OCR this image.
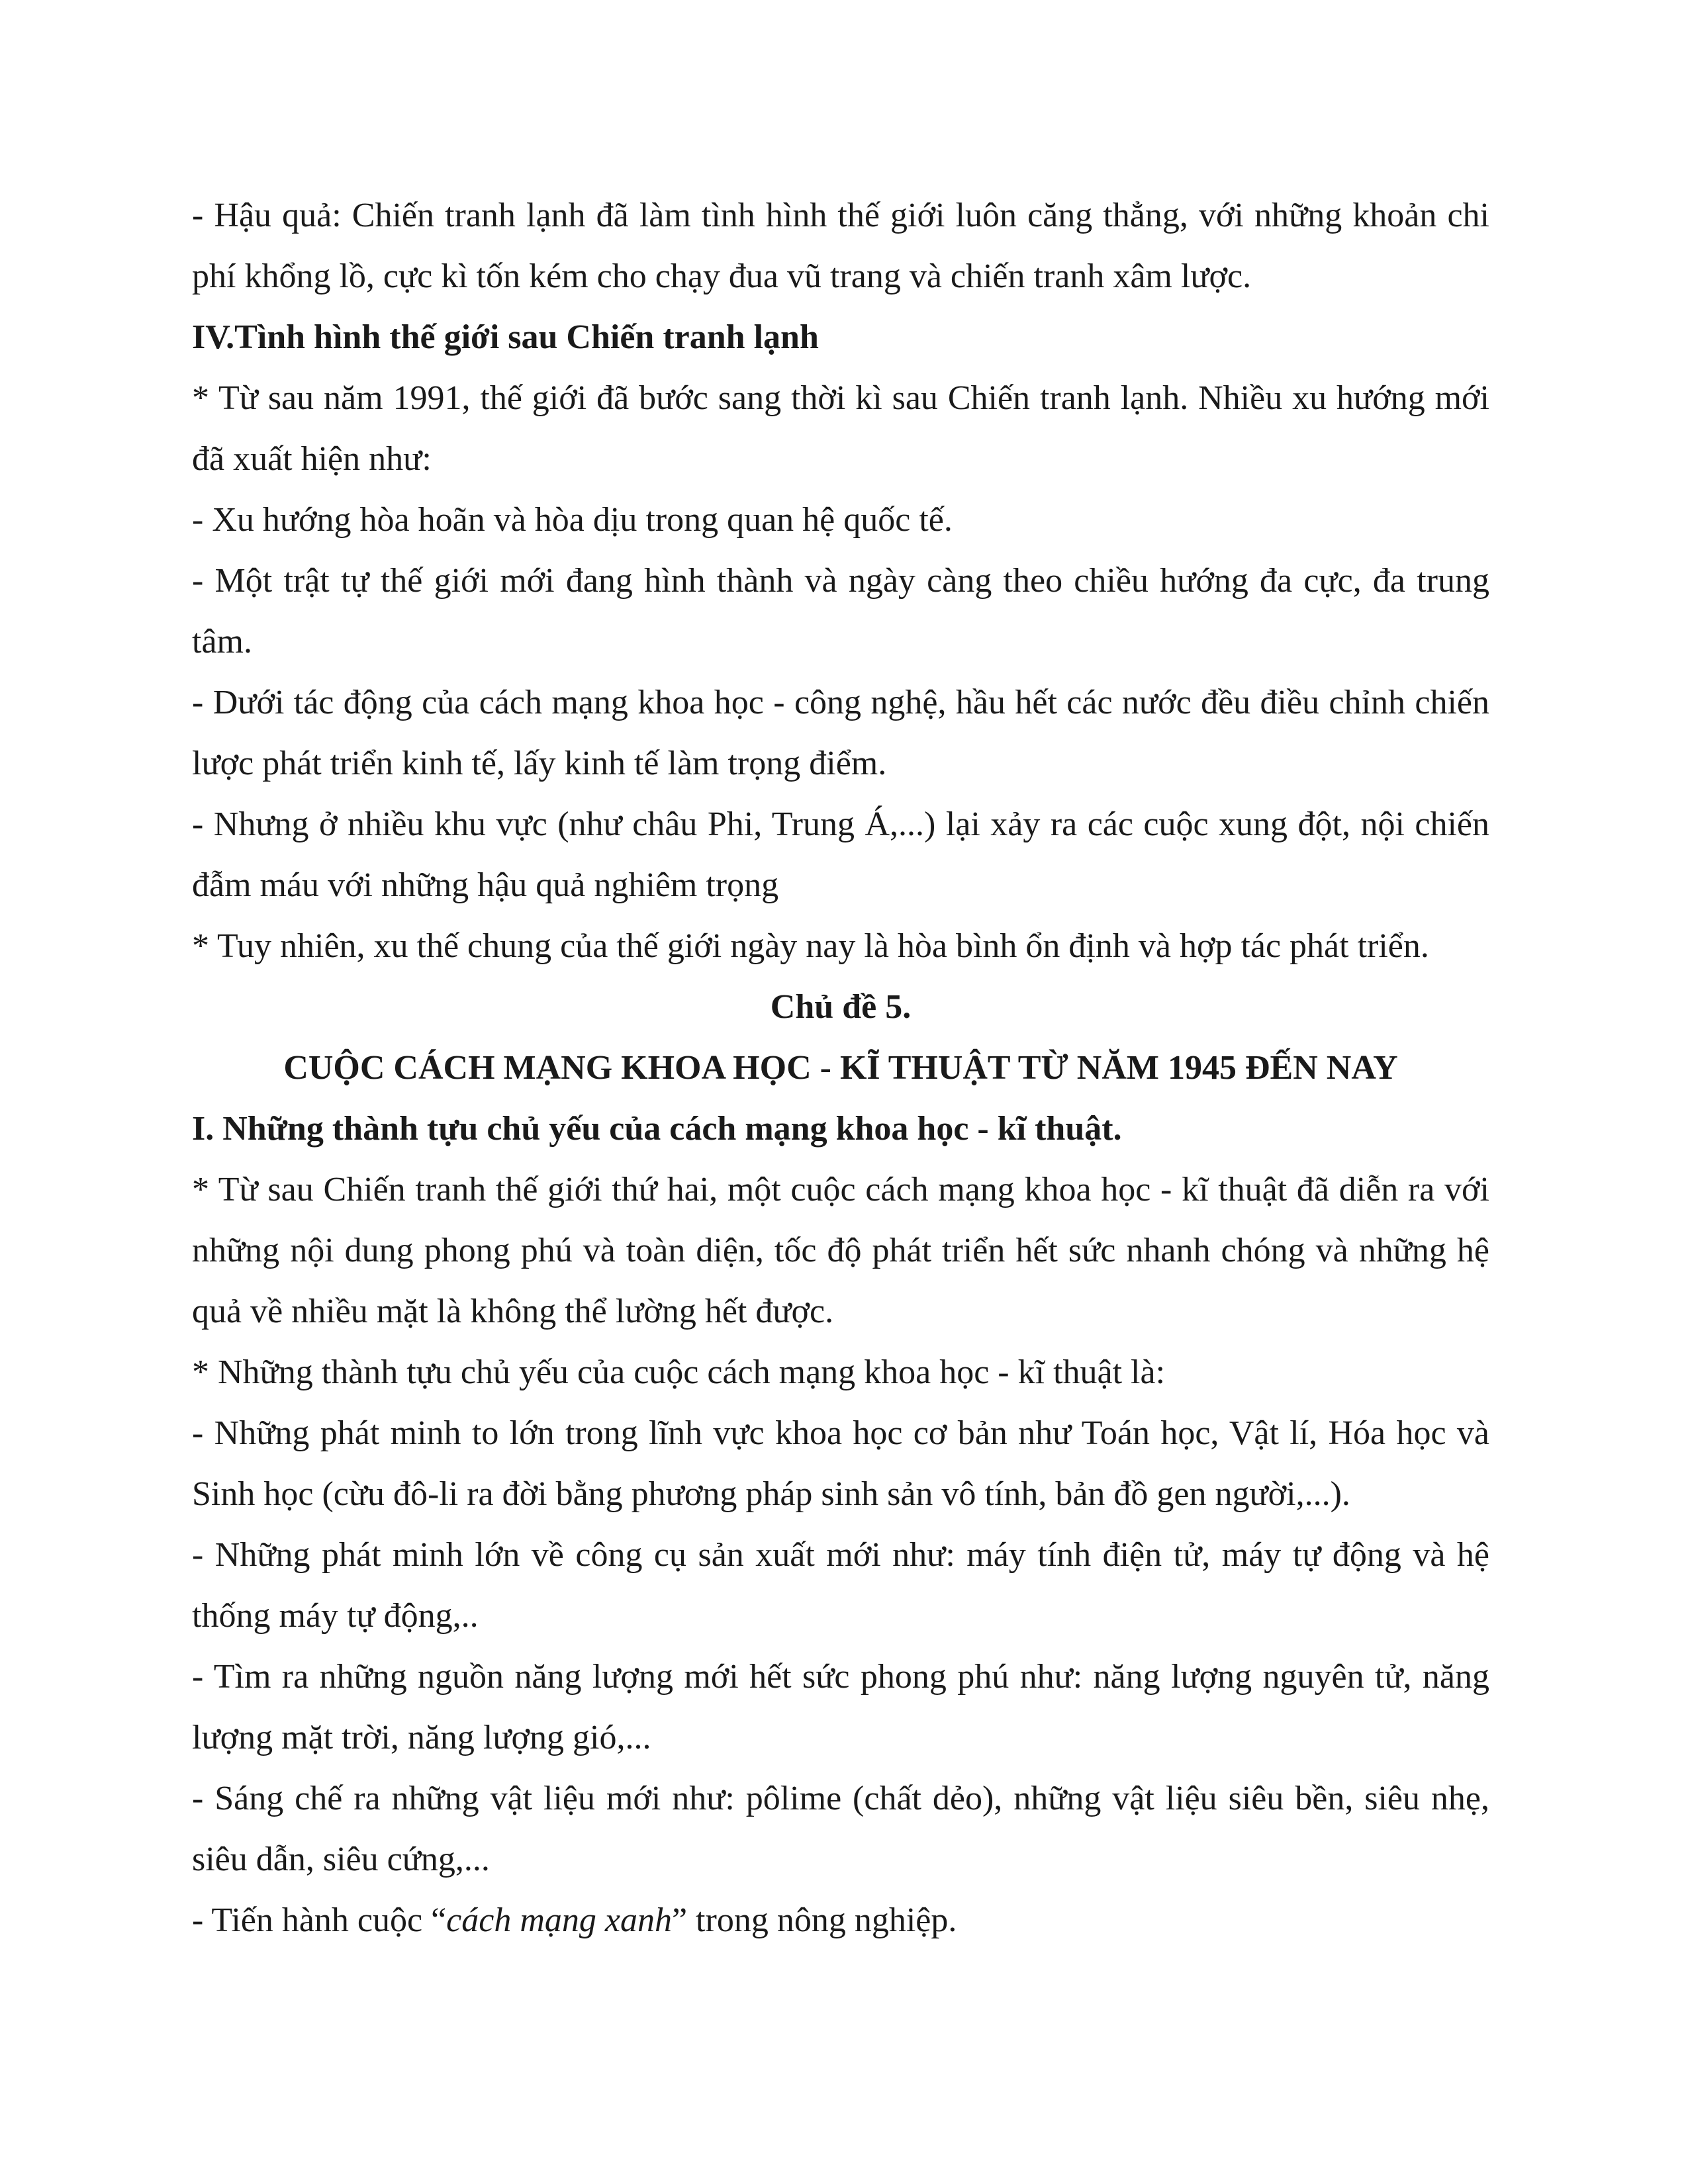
- Hậu quả: Chiến tranh lạnh đã làm tình hình thế giới luôn căng thẳng, với những khoản chi phí khổng lồ, cực kì tốn kém cho chạy đua vũ trang và chiến tranh xâm lược.

IV.Tình hình thế giới sau Chiến tranh lạnh

* Từ sau năm 1991, thế giới đã bước sang thời kì sau Chiến tranh lạnh. Nhiều xu hướng mới đã xuất hiện như:

- Xu hướng hòa hoãn và hòa dịu trong quan hệ quốc tế.

- Một trật tự thế giới mới đang hình thành và ngày càng theo chiều hướng đa cực, đa trung tâm.

- Dưới tác động của cách mạng khoa học - công nghệ, hầu hết các nước đều điều chỉnh chiến lược phát triển kinh tế, lấy kinh tế làm trọng điểm.

- Nhưng ở nhiều khu vực (như châu Phi, Trung Á,...) lại xảy ra các cuộc xung đột, nội chiến đẫm máu với những hậu quả nghiêm trọng

* Tuy nhiên, xu thế chung của thế giới ngày nay là hòa bình ổn định và hợp tác phát triển.

Chủ đề 5.

CUỘC CÁCH MẠNG KHOA HỌC - KĨ THUẬT TỪ NĂM 1945 ĐẾN NAY

I. Những thành tựu chủ yếu của cách mạng khoa học - kĩ thuật.

* Từ sau Chiến tranh thế giới thứ hai, một cuộc cách mạng khoa học - kĩ thuật đã diễn ra với những nội dung phong phú và toàn diện, tốc độ phát triển hết sức nhanh chóng và những hệ quả về nhiều mặt là không thể lường hết được.

* Những thành tựu chủ yếu của cuộc cách mạng khoa học - kĩ thuật là:

- Những phát minh to lớn trong lĩnh vực khoa học cơ bản như Toán học, Vật lí, Hóa học và Sinh học (cừu đô-li ra đời bằng phương pháp sinh sản vô tính, bản đồ gen người,...).

- Những phát minh lớn về công cụ sản xuất mới như: máy tính điện tử, máy tự động và hệ thống máy tự động,..

- Tìm ra những nguồn năng lượng mới hết sức phong phú như: năng lượng nguyên tử, năng lượng mặt trời, năng lượng gió,...

- Sáng chế ra những vật liệu mới như: pôlime (chất dẻo), những vật liệu siêu bền, siêu nhẹ, siêu dẫn, siêu cứng,...

- Tiến hành cuộc “cách mạng xanh” trong nông nghiệp.
